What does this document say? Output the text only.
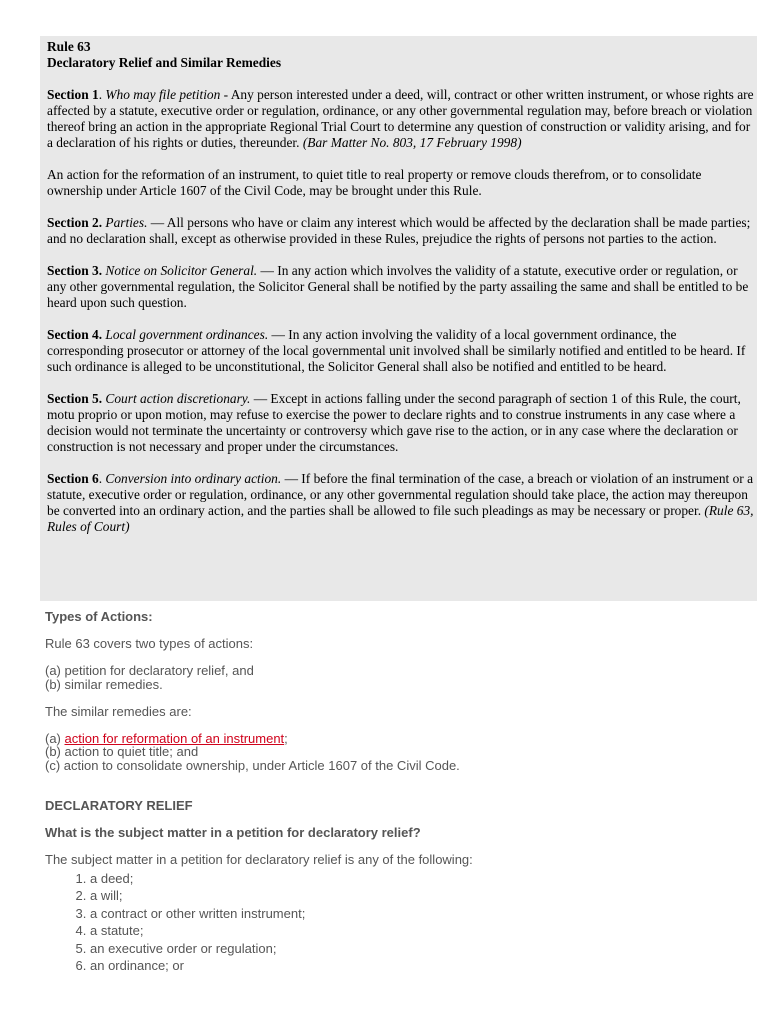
Rule 63
Declaratory Relief and Similar Remedies

Section 1. Who may file petition - Any person interested under a deed, will, contract or other written instrument, or whose rights are affected by a statute, executive order or regulation, ordinance, or any other governmental regulation may, before breach or violation thereof bring an action in the appropriate Regional Trial Court to determine any question of construction or validity arising, and for a declaration of his rights or duties, thereunder. (Bar Matter No. 803, 17 February 1998)

An action for the reformation of an instrument, to quiet title to real property or remove clouds therefrom, or to consolidate ownership under Article 1607 of the Civil Code, may be brought under this Rule.

Section 2. Parties. — All persons who have or claim any interest which would be affected by the declaration shall be made parties; and no declaration shall, except as otherwise provided in these Rules, prejudice the rights of persons not parties to the action.

Section 3. Notice on Solicitor General. — In any action which involves the validity of a statute, executive order or regulation, or any other governmental regulation, the Solicitor General shall be notified by the party assailing the same and shall be entitled to be heard upon such question.

Section 4. Local government ordinances. — In any action involving the validity of a local government ordinance, the corresponding prosecutor or attorney of the local governmental unit involved shall be similarly notified and entitled to be heard. If such ordinance is alleged to be unconstitutional, the Solicitor General shall also be notified and entitled to be heard.

Section 5. Court action discretionary. — Except in actions falling under the second paragraph of section 1 of this Rule, the court, motu proprio or upon motion, may refuse to exercise the power to declare rights and to construe instruments in any case where a decision would not terminate the uncertainty or controversy which gave rise to the action, or in any case where the declaration or construction is not necessary and proper under the circumstances.

Section 6. Conversion into ordinary action. — If before the final termination of the case, a breach or violation of an instrument or a statute, executive order or regulation, ordinance, or any other governmental regulation should take place, the action may thereupon be converted into an ordinary action, and the parties shall be allowed to file such pleadings as may be necessary or proper. (Rule 63, Rules of Court)

Types of Actions:

Rule 63 covers two types of actions:

(a) petition for declaratory relief, and

(b) similar remedies.

The similar remedies are:

(a) action for reformation of an instrument;

(b) action to quiet title; and

(c) action to consolidate ownership, under Article 1607 of the Civil Code.

DECLARATORY RELIEF

What is the subject matter in a petition for declaratory relief?

The subject matter in a petition for declaratory relief is any of the following:

1. a deed;
2. a will;
3. a contract or other written instrument;
4. a statute;
5. an executive order or regulation;
6. an ordinance; or
